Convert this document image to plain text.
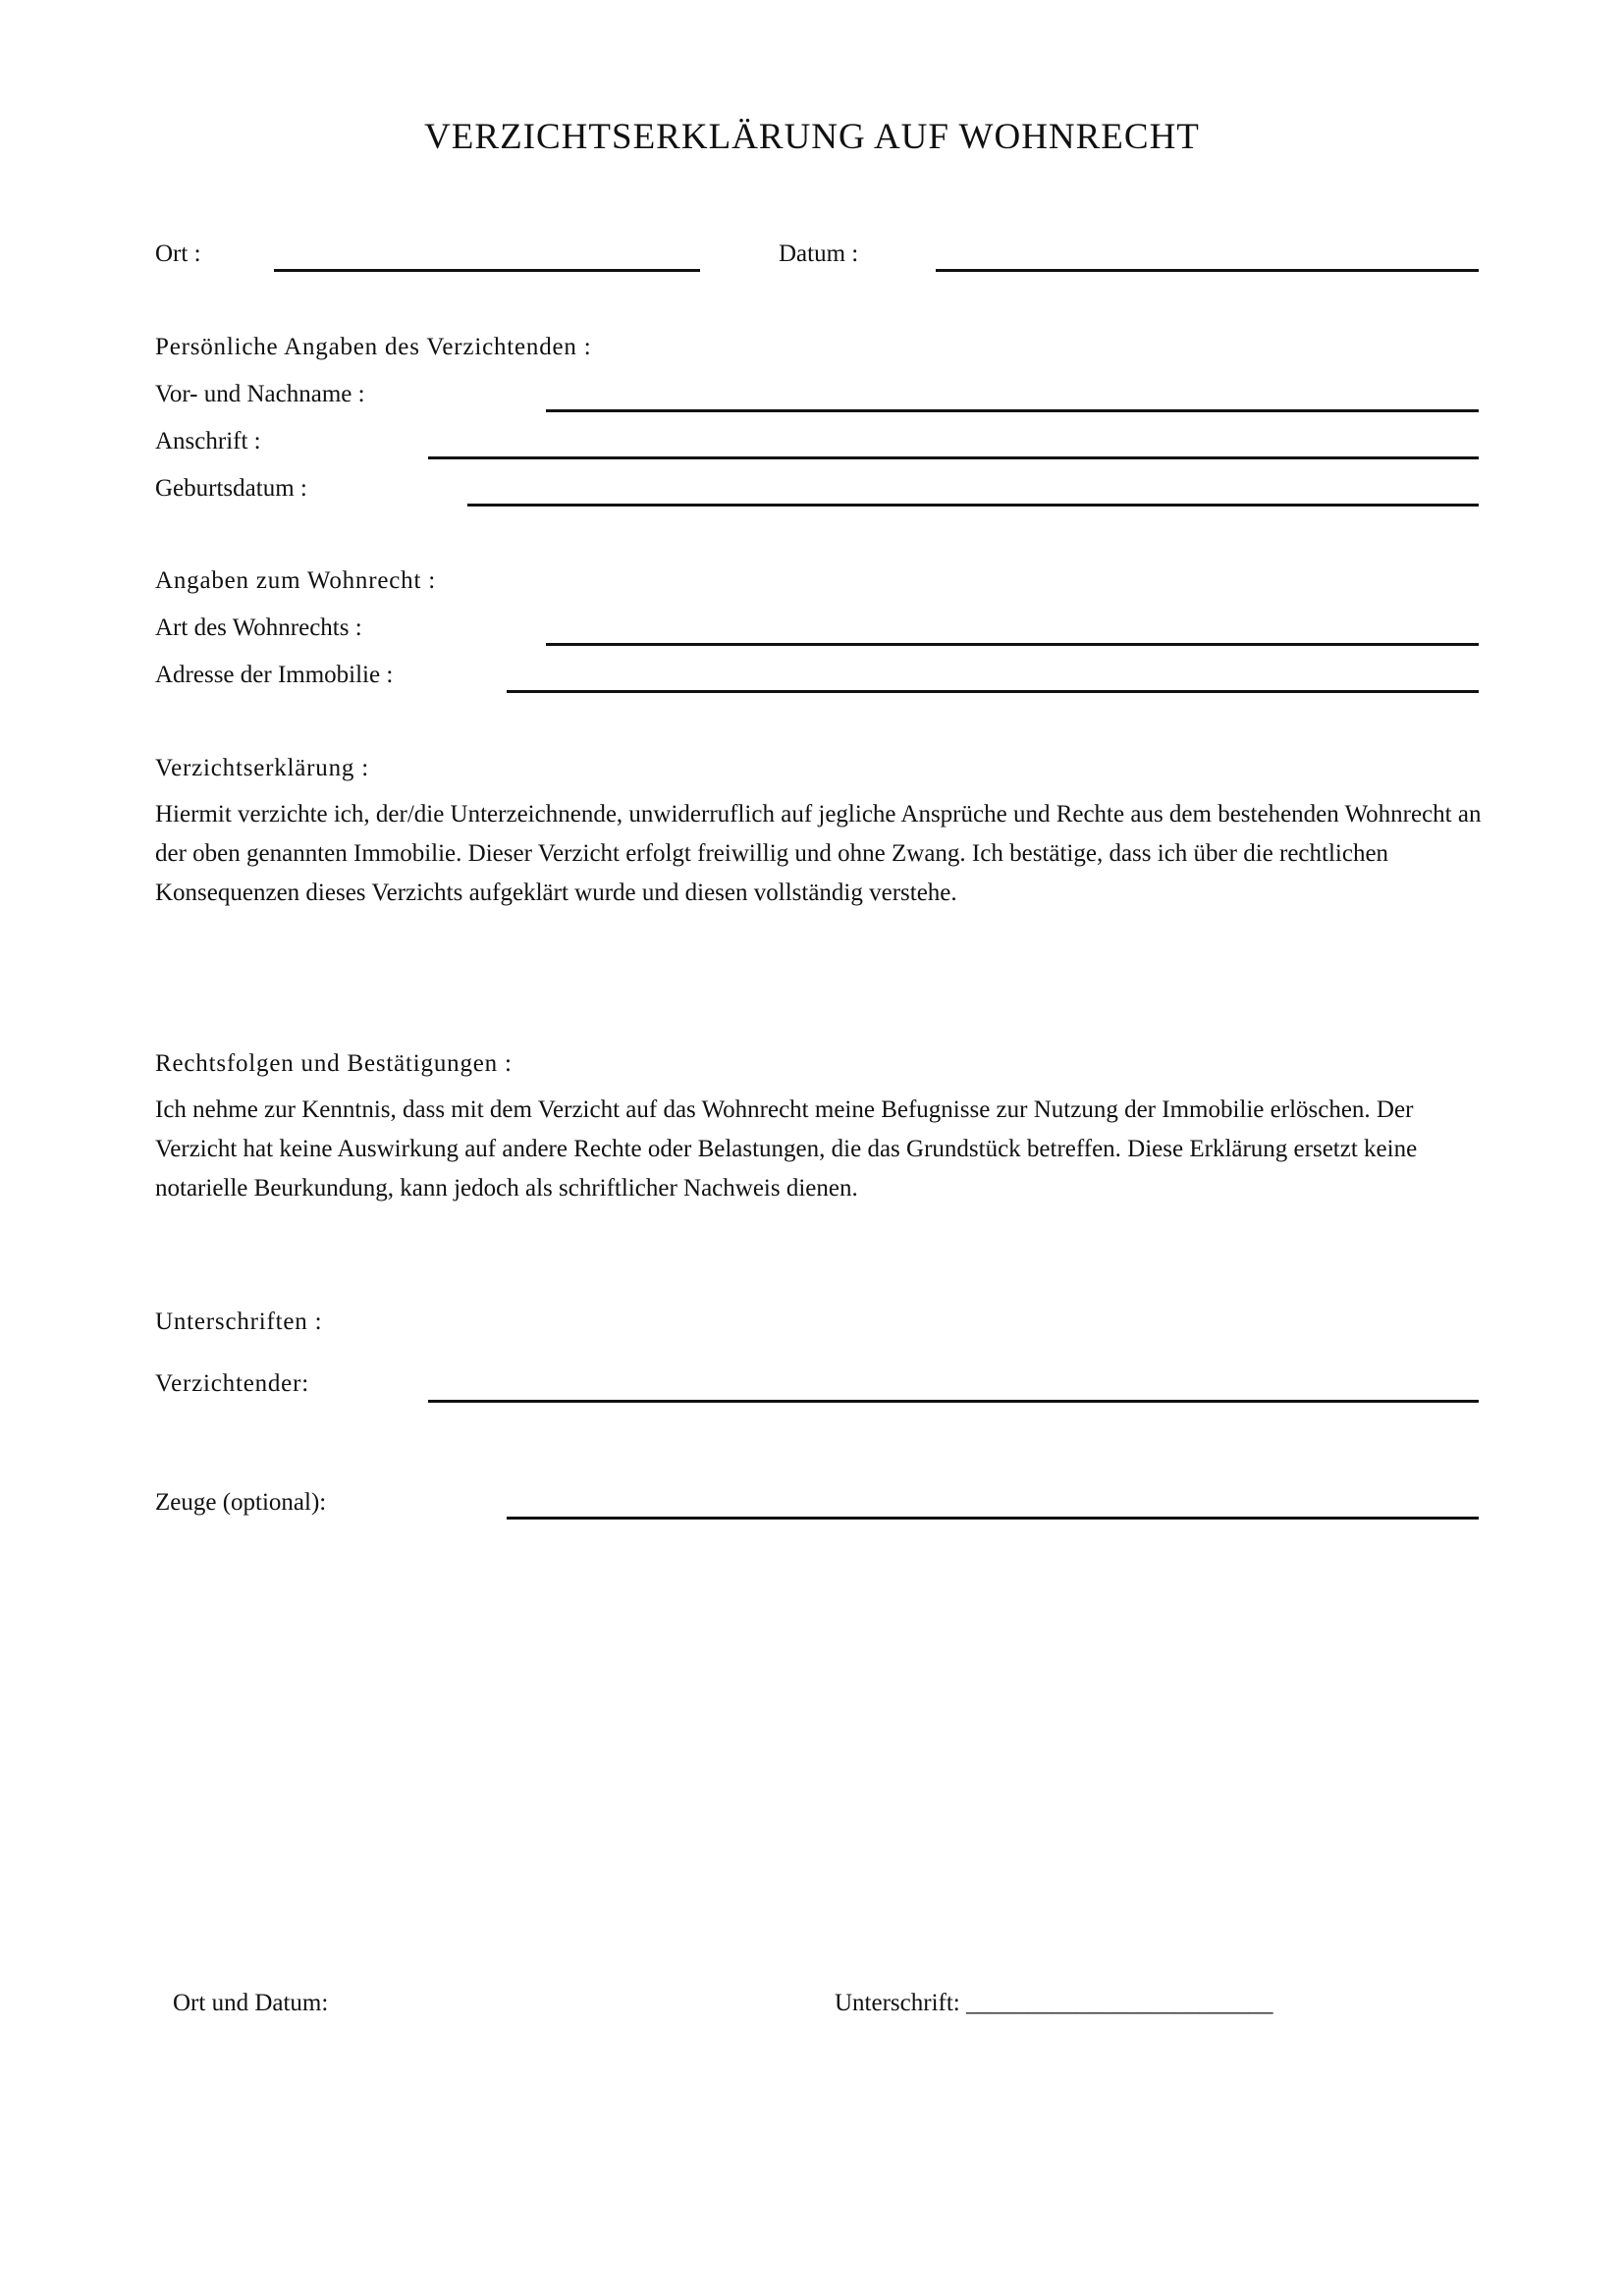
VERZICHTSERKLÄRUNG AUF WOHNRECHT
Ort :	Datum :
Persönliche Angaben des Verzichtenden :
Vor- und Nachname :
Anschrift :
Geburtsdatum :
Angaben zum Wohnrecht :
Art des Wohnrechts :
Adresse der Immobilie :
Verzichtserklärung :
Hiermit verzichte ich, der/die Unterzeichnende, unwiderruflich auf jegliche Ansprüche und Rechte aus dem bestehenden Wohnrecht an der oben genannten Immobilie. Dieser Verzicht erfolgt freiwillig und ohne Zwang. Ich bestätige, dass ich über die rechtlichen Konsequenzen dieses Verzichts aufgeklärt wurde und diesen vollständig verstehe.
Rechtsfolgen und Bestätigungen :
Ich nehme zur Kenntnis, dass mit dem Verzicht auf das Wohnrecht meine Befugnisse zur Nutzung der Immobilie erlöschen. Der Verzicht hat keine Auswirkung auf andere Rechte oder Belastungen, die das Grundstück betreffen. Diese Erklärung ersetzt keine notarielle Beurkundung, kann jedoch als schriftlicher Nachweis dienen.
Unterschriften :
Verzichtender:
Zeuge (optional):
Ort und Datum:	Unterschrift: _________________________
